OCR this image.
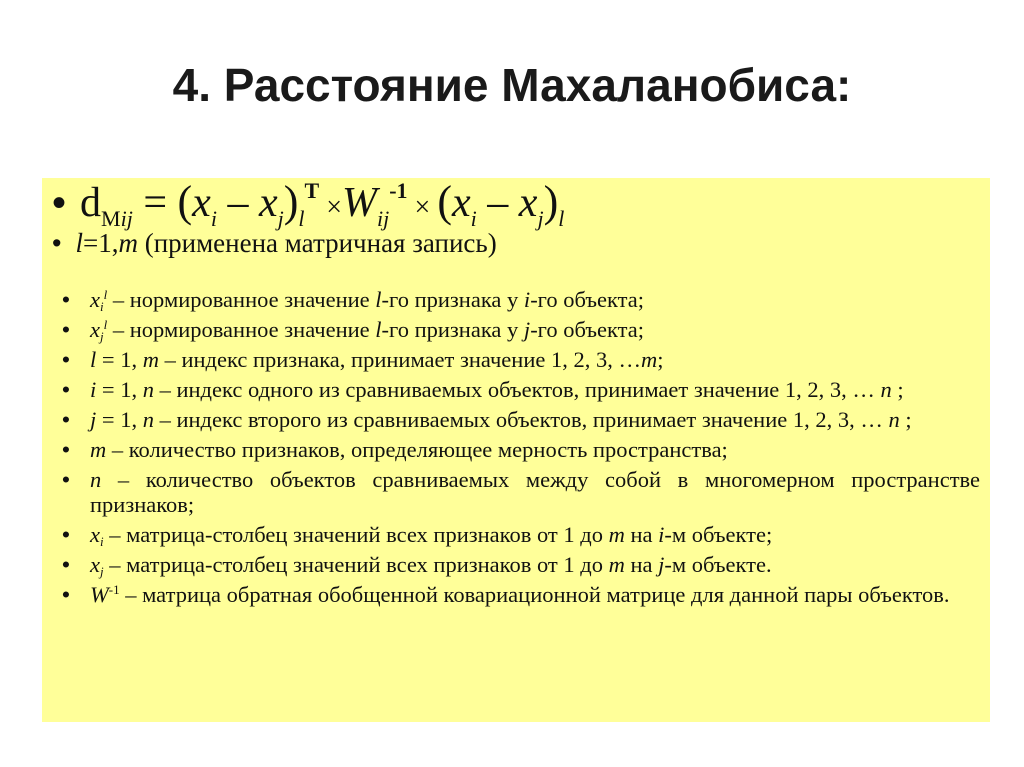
4. Расстояние Махаланобиса:
• $d_{Mij} = (x_i - x_j)_l^T \times W_{ij}^{-1} \times (x_i - x_j)_l$
• l=1,m (применена матричная запись)
• $x_i^l$ – нормированное значение l-го признака у i-го объекта;
• $x_j^l$ – нормированное значение l-го признака у j-го объекта;
• l = 1, m – индекс признака, принимает значение 1, 2, 3, …m;
• i = 1, n – индекс одного из сравниваемых объектов, принимает значение 1, 2, 3, … n ;
• j = 1, n – индекс второго из сравниваемых объектов, принимает значение 1, 2, 3, … n ;
• m – количество признаков, определяющее мерность пространства;
• n – количество объектов сравниваемых между собой в многомерном пространстве признаков;
• $x_i$ – матрица-столбец значений всех признаков от 1 до m на i-м объекте;
• $x_j$ – матрица-столбец значений всех признаков от 1 до m на j-м объекте.
• $W^{-1}$ – матрица обратная обобщенной ковариационной матрице для данной пары объектов.
